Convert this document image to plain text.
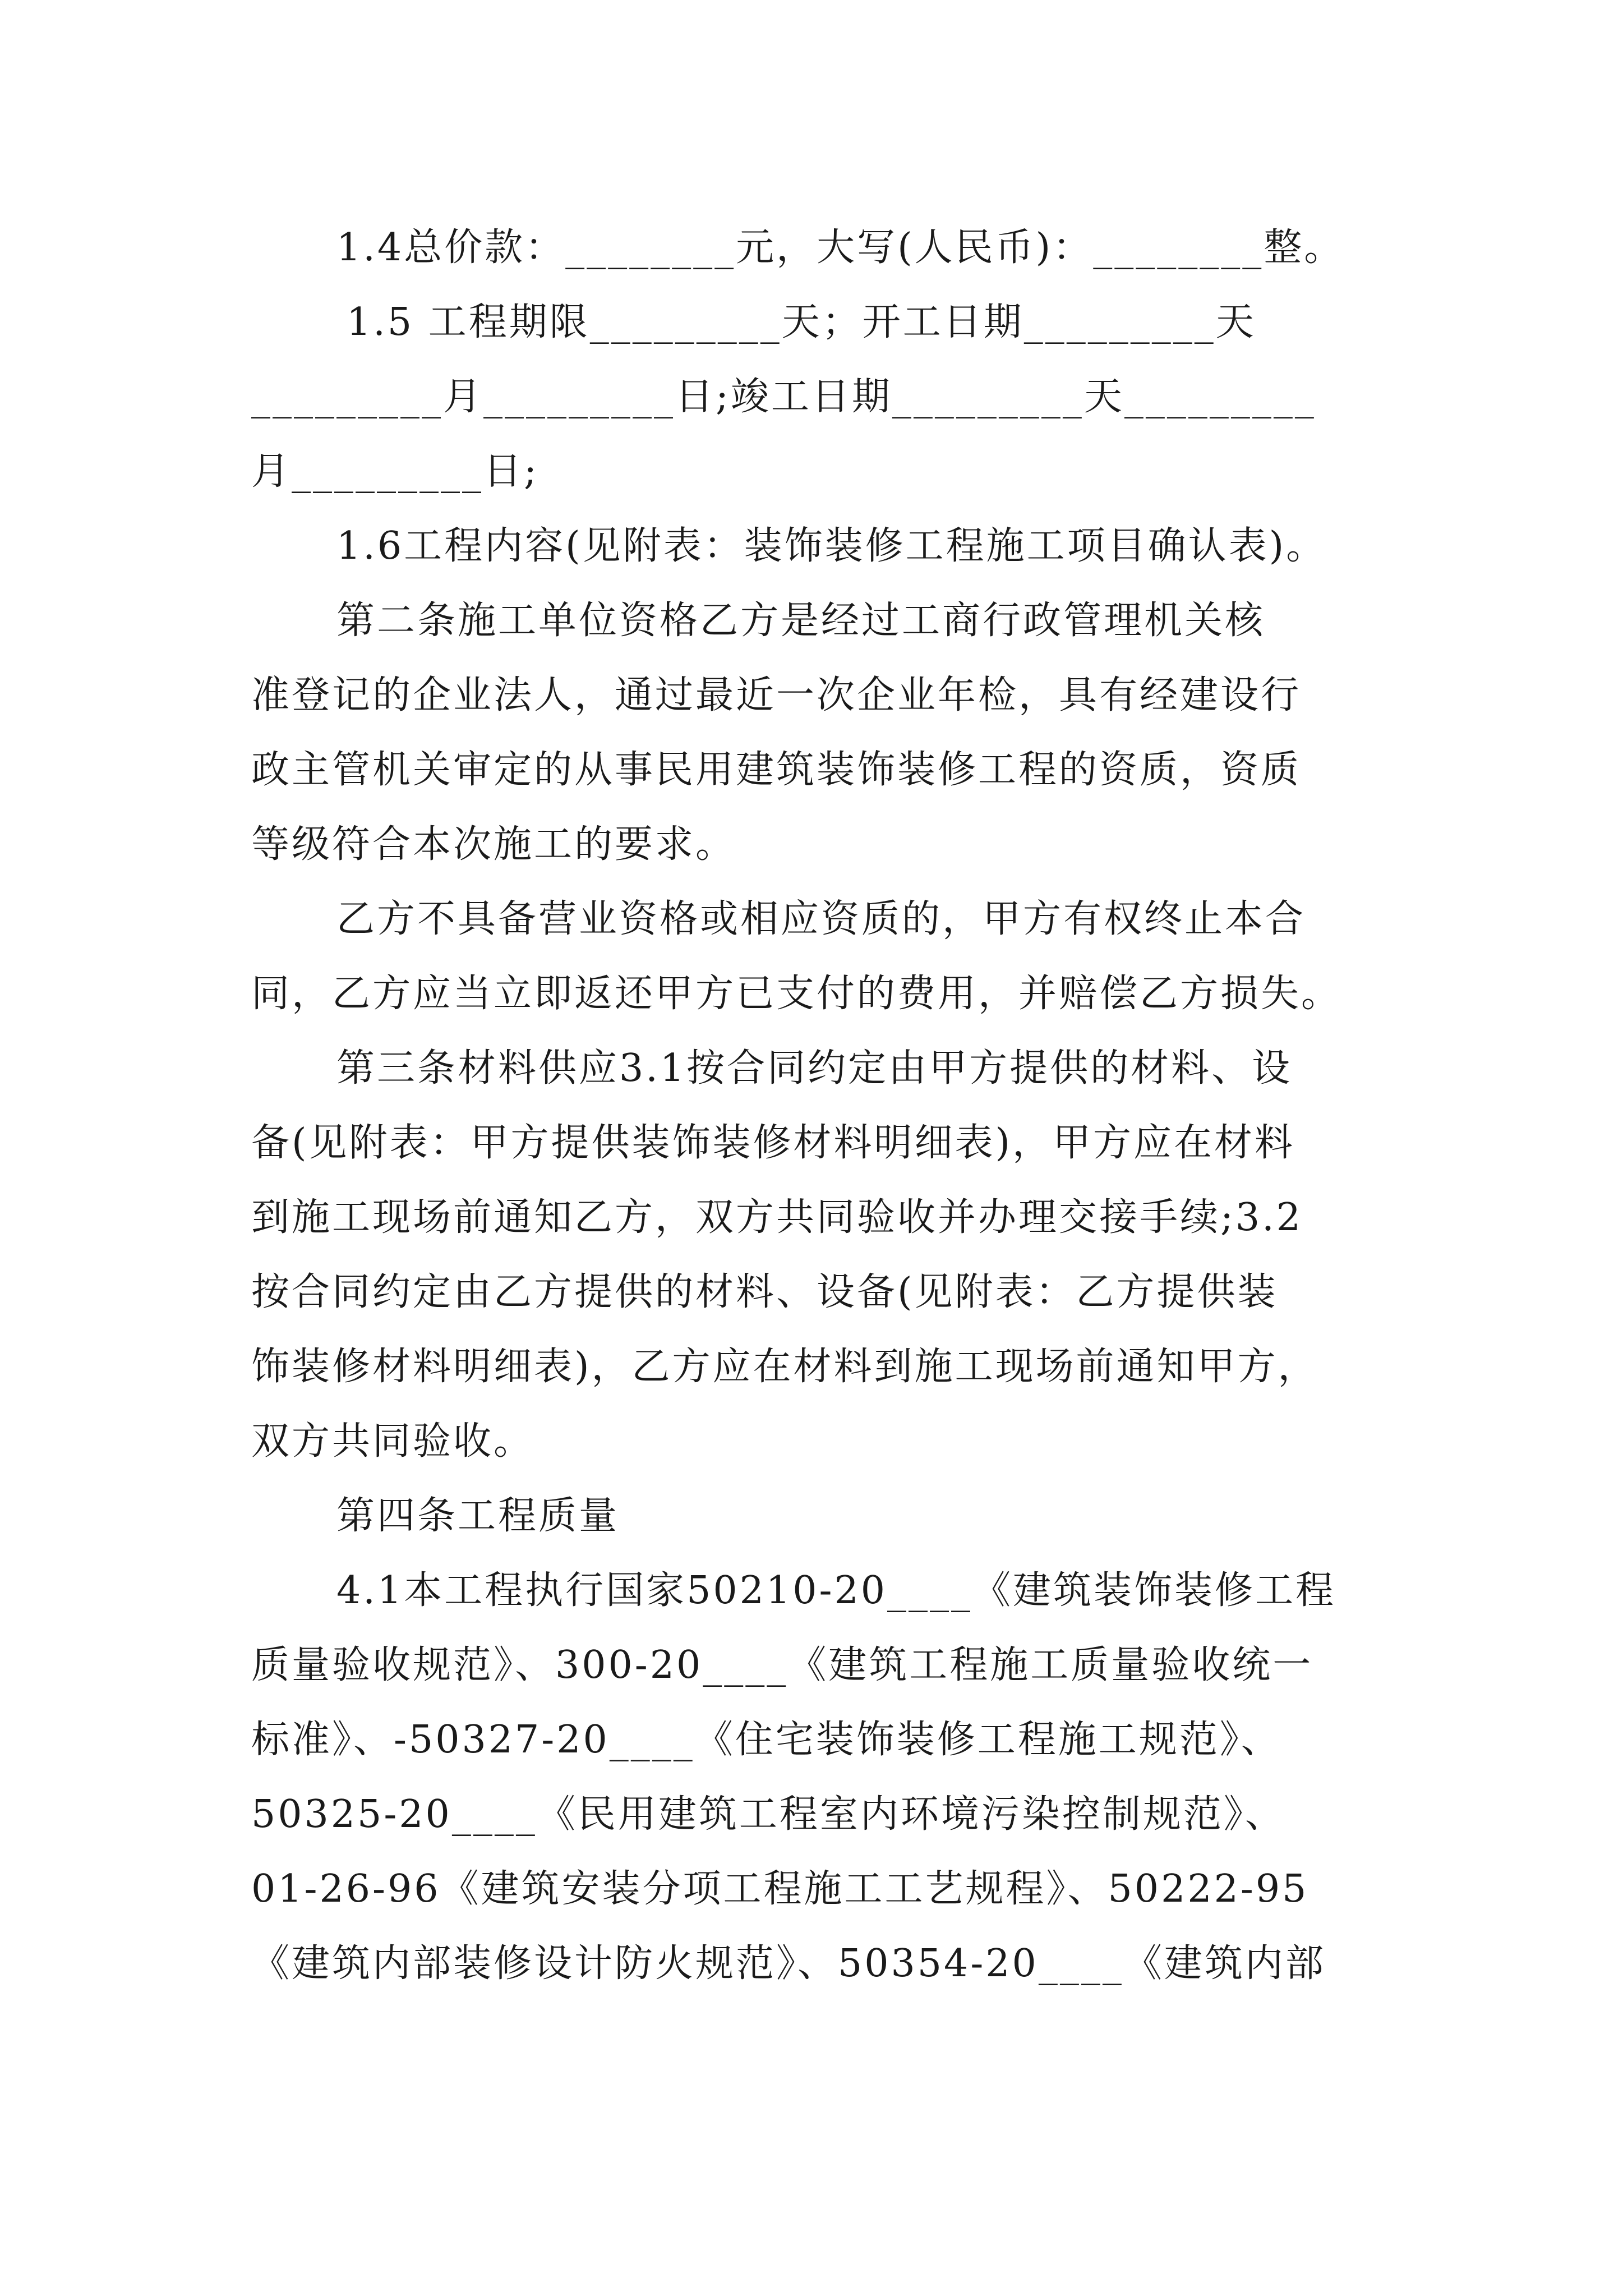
1.4总价款：________元，大写(人民币)：________整。
1.5 工程期限_________天；开工日期_________天
_________月_________日;竣工日期_________天_________
月_________日;
1.6工程内容(见附表：装饰装修工程施工项目确认表)。
第二条施工单位资格乙方是经过工商行政管理机关核
准登记的企业法人，通过最近一次企业年检，具有经建设行
政主管机关审定的从事民用建筑装饰装修工程的资质，资质
等级符合本次施工的要求。
乙方不具备营业资格或相应资质的，甲方有权终止本合
同，乙方应当立即返还甲方已支付的费用，并赔偿乙方损失。
第三条材料供应3.1按合同约定由甲方提供的材料、设
备(见附表：甲方提供装饰装修材料明细表)，甲方应在材料
到施工现场前通知乙方，双方共同验收并办理交接手续;3.2
按合同约定由乙方提供的材料、设备(见附表：乙方提供装
饰装修材料明细表)，乙方应在材料到施工现场前通知甲方，
双方共同验收。
第四条工程质量
4.1本工程执行国家50210-20____《建筑装饰装修工程
质量验收规范》、300-20____《建筑工程施工质量验收统一
标准》、-50327-20____《住宅装饰装修工程施工规范》、
50325-20____《民用建筑工程室内环境污染控制规范》、
01-26-96《建筑安装分项工程施工工艺规程》、50222-95
《建筑内部装修设计防火规范》、50354-20____《建筑内部
